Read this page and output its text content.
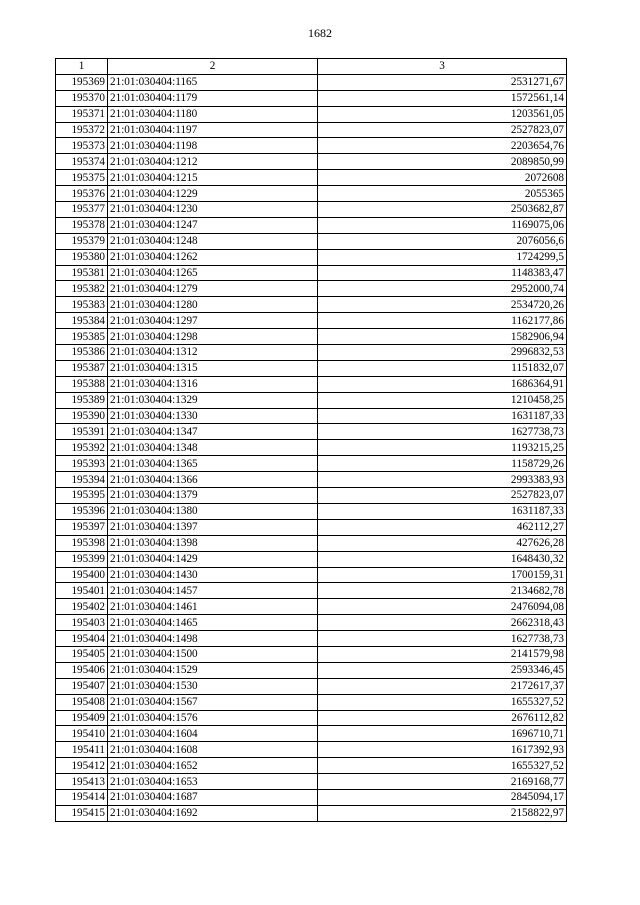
1682
1	2	3
195369	21:01:030404:1165	2531271,67
195370	21:01:030404:1179	1572561,14
195371	21:01:030404:1180	1203561,05
195372	21:01:030404:1197	2527823,07
195373	21:01:030404:1198	2203654,76
195374	21:01:030404:1212	2089850,99
195375	21:01:030404:1215	2072608
195376	21:01:030404:1229	2055365
195377	21:01:030404:1230	2503682,87
195378	21:01:030404:1247	1169075,06
195379	21:01:030404:1248	2076056,6
195380	21:01:030404:1262	1724299,5
195381	21:01:030404:1265	1148383,47
195382	21:01:030404:1279	2952000,74
195383	21:01:030404:1280	2534720,26
195384	21:01:030404:1297	1162177,86
195385	21:01:030404:1298	1582906,94
195386	21:01:030404:1312	2996832,53
195387	21:01:030404:1315	1151832,07
195388	21:01:030404:1316	1686364,91
195389	21:01:030404:1329	1210458,25
195390	21:01:030404:1330	1631187,33
195391	21:01:030404:1347	1627738,73
195392	21:01:030404:1348	1193215,25
195393	21:01:030404:1365	1158729,26
195394	21:01:030404:1366	2993383,93
195395	21:01:030404:1379	2527823,07
195396	21:01:030404:1380	1631187,33
195397	21:01:030404:1397	462112,27
195398	21:01:030404:1398	427626,28
195399	21:01:030404:1429	1648430,32
195400	21:01:030404:1430	1700159,31
195401	21:01:030404:1457	2134682,78
195402	21:01:030404:1461	2476094,08
195403	21:01:030404:1465	2662318,43
195404	21:01:030404:1498	1627738,73
195405	21:01:030404:1500	2141579,98
195406	21:01:030404:1529	2593346,45
195407	21:01:030404:1530	2172617,37
195408	21:01:030404:1567	1655327,52
195409	21:01:030404:1576	2676112,82
195410	21:01:030404:1604	1696710,71
195411	21:01:030404:1608	1617392,93
195412	21:01:030404:1652	1655327,52
195413	21:01:030404:1653	2169168,77
195414	21:01:030404:1687	2845094,17
195415	21:01:030404:1692	2158822,97
